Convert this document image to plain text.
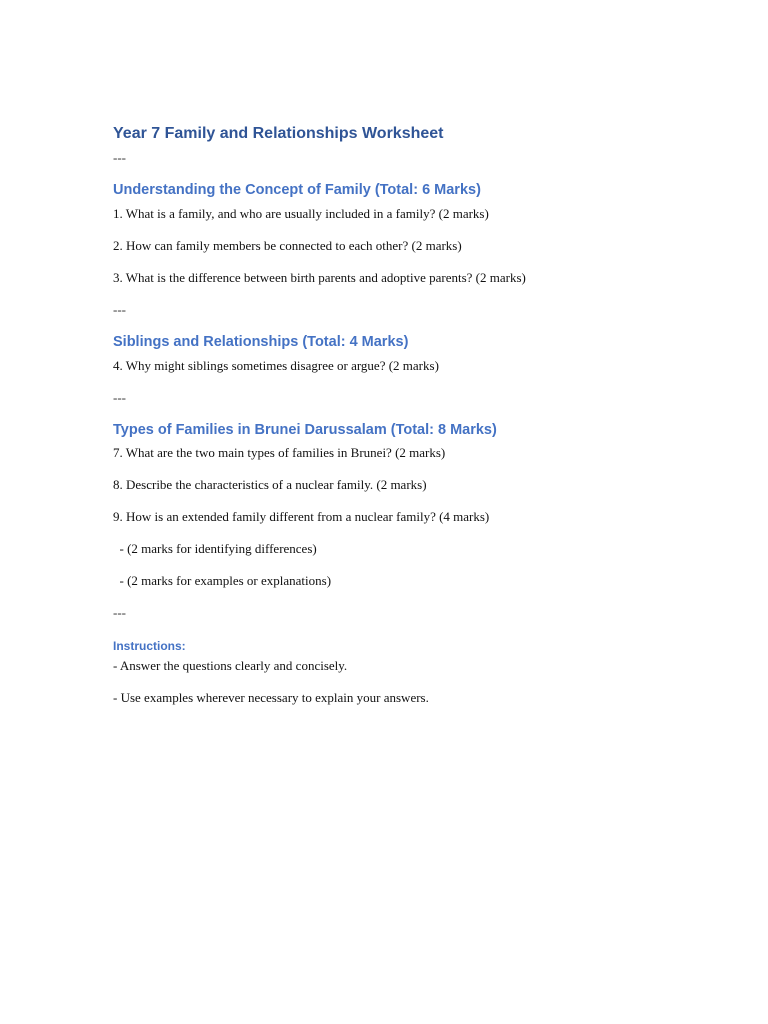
Year 7 Family and Relationships Worksheet
---
Understanding the Concept of Family (Total: 6 Marks)
1. What is a family, and who are usually included in a family? (2 marks)
2. How can family members be connected to each other? (2 marks)
3. What is the difference between birth parents and adoptive parents? (2 marks)
---
Siblings and Relationships (Total: 4 Marks)
4. Why might siblings sometimes disagree or argue? (2 marks)
---
Types of Families in Brunei Darussalam (Total: 8 Marks)
7. What are the two main types of families in Brunei? (2 marks)
8. Describe the characteristics of a nuclear family. (2 marks)
9. How is an extended family different from a nuclear family? (4 marks)
- (2 marks for identifying differences)
- (2 marks for examples or explanations)
---
Instructions:
- Answer the questions clearly and concisely.
- Use examples wherever necessary to explain your answers.
